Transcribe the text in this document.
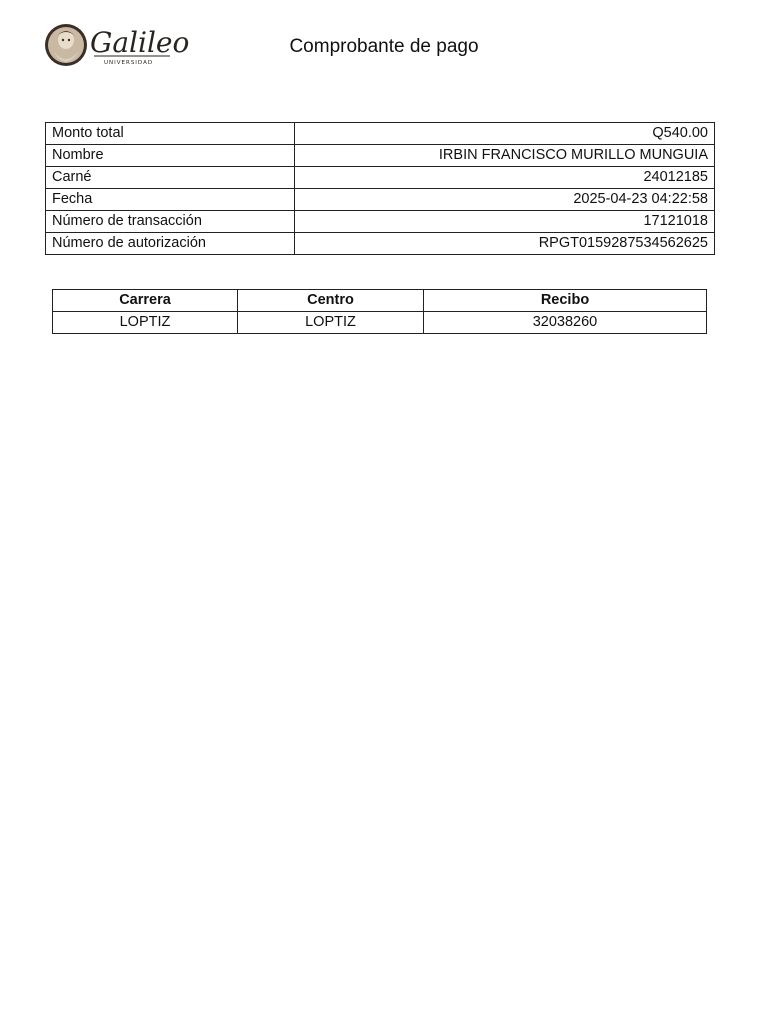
Galileo
UNIVERSIDAD
Comprobante de pago
Monto total	Q540.00
Nombre	IRBIN FRANCISCO MURILLO MUNGUIA
Carné	24012185
Fecha	2025-04-23 04:22:58
Número de transacción	17121018
Número de autorización	RPGT0159287534562625
Carrera	Centro	Recibo
LOPTIZ	LOPTIZ	32038260
